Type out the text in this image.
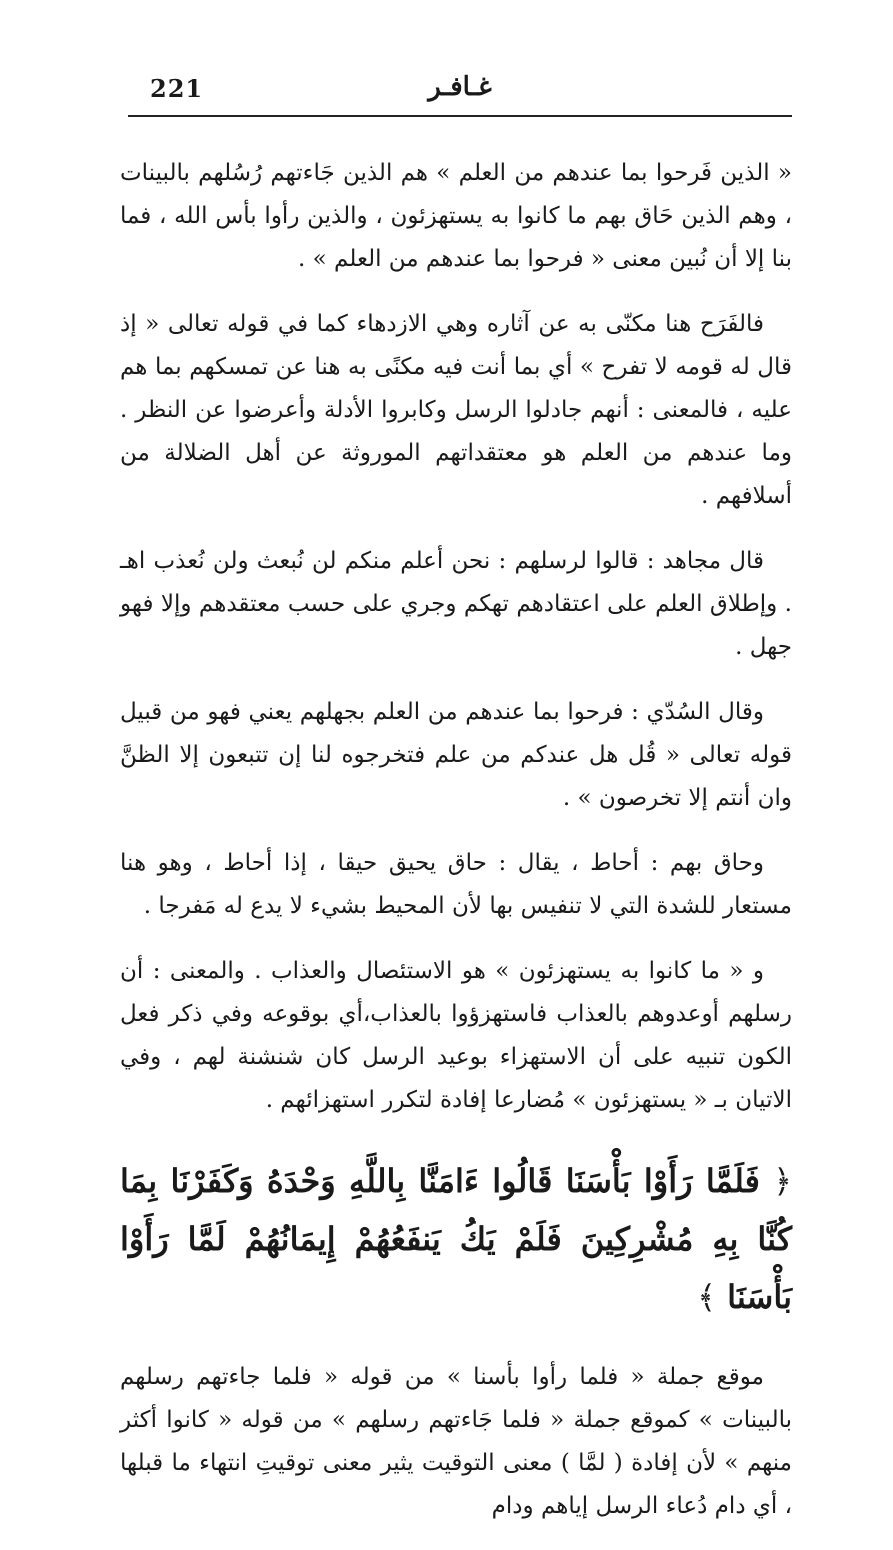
221	غـافـر

« الذين فَرحوا بما عندهم من العلم » هم الذين جَاءتهم رُسُلهم بالبينات ، وهم الذين حَاق بهم ما كانوا به يستهزئون ، والذين رأوا بأس الله ، فما بنا إلا أن نُبين معنى « فرحوا بما عندهم من العلم » .

فالفَرَح هنا مكنّى به عن آثاره وهي الازدهاء كما في قوله تعالى « إذ قال له قومه لا تفرح » أي بما أنت فيه مكنًى به هنا عن تمسكهم بما هم عليه ، فالمعنى : أنهم جادلوا الرسل وكابروا الأدلة وأعرضوا عن النظر . وما عندهم من العلم هو معتقداتهم الموروثة عن أهل الضلالة من أسلافهم .

قال مجاهد : قالوا لرسلهم : نحن أعلم منكم لن نُبعث ولن نُعذب اهـ . وإطلاق العلم على اعتقادهم تهكم وجري على حسب معتقدهم وإلا فهو جهل .

وقال السُدّي : فرحوا بما عندهم من العلم بجهلهم يعني فهو من قبيل قوله تعالى « قُل هل عندكم من علم فتخرجوه لنا إن تتبعون إلا الظنَّ وان أنتم إلا تخرصون » .

وحاق بهم : أحاط ، يقال : حاق يحيق حيقا ، إذا أحاط ، وهو هنا مستعار للشدة التي لا تنفيس بها لأن المحيط بشيء لا يدع له مَفرجا .

و « ما كانوا به يستهزئون » هو الاستئصال والعذاب . والمعنى : أن رسلهم أوعدوهم بالعذاب فاستهزؤوا بالعذاب،أي بوقوعه وفي ذكر فعل الكون تنبيه على أن الاستهزاء بوعيد الرسل كان شنشنة لهم ، وفي الاتيان بـ « يستهزئون » مُضارعا إفادة لتكرر استهزائهم .

﴿ فَلَمَّا رَأَوْا بَأْسَنَا قَالُوا ءَامَنَّا بِاللَّهِ وَحْدَهُ وَكَفَرْنَا بِمَا كُنَّا بِهِ مُشْرِكِينَ فَلَمْ يَكُ يَنفَعُهُمْ إِيمَانُهُمْ لَمَّا رَأَوْا بَأْسَنَا ﴾

موقع جملة « فلما رأوا بأسنا » من قوله « فلما جاءتهم رسلهم بالبينات » كموقع جملة « فلما جَاءتهم رسلهم » من قوله « كانوا أكثر منهم » لأن إفادة ( لمَّا ) معنى التوقيت يثير معنى توقيتِ انتهاء ما قبلها ، أي دام دُعاء الرسل إياهم ودام
